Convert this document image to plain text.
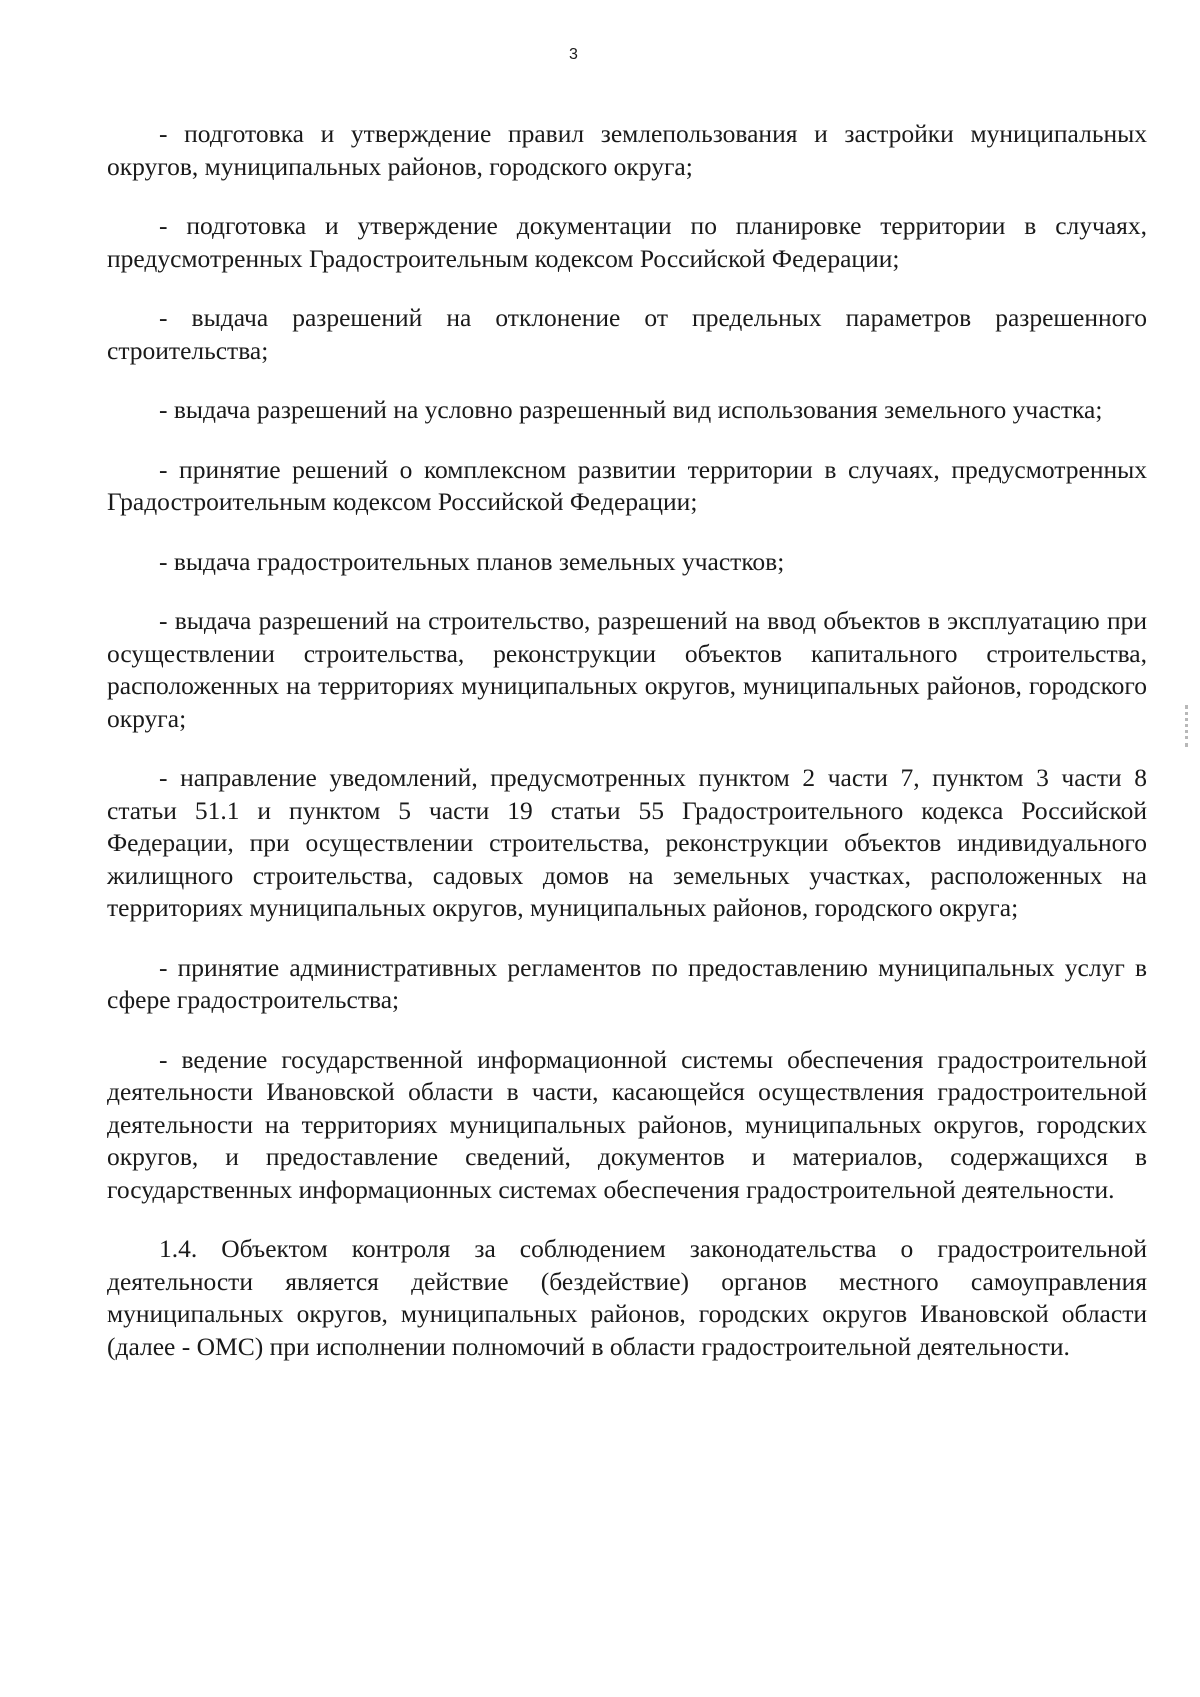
3

- подготовка и утверждение правил землепользования и застройки муниципальных округов, муниципальных районов, городского округа;

- подготовка и утверждение документации по планировке территории в случаях, предусмотренных Градостроительным кодексом Российской Федерации;

- выдача разрешений на отклонение от предельных параметров разрешенного строительства;

- выдача разрешений на условно разрешенный вид использования земельного участка;

- принятие решений о комплексном развитии территории в случаях, предусмотренных Градостроительным кодексом Российской Федерации;

- выдача градостроительных планов земельных участков;

- выдача разрешений на строительство, разрешений на ввод объектов в эксплуатацию при осуществлении строительства, реконструкции объектов капитального строительства, расположенных на территориях муниципальных округов, муниципальных районов, городского округа;

- направление уведомлений, предусмотренных пунктом 2 части 7, пунктом 3 части 8 статьи 51.1 и пунктом 5 части 19 статьи 55 Градостроительного кодекса Российской Федерации, при осуществлении строительства, реконструкции объектов индивидуального жилищного строительства, садовых домов на земельных участках, расположенных на территориях муниципальных округов, муниципальных районов, городского округа;

- принятие административных регламентов по предоставлению муниципальных услуг в сфере градостроительства;

- ведение государственной информационной системы обеспечения градостроительной деятельности Ивановской области в части, касающейся осуществления градостроительной деятельности на территориях муниципальных районов, муниципальных округов, городских округов, и предоставление сведений, документов и материалов, содержащихся в государственных информационных системах обеспечения градостроительной деятельности.

1.4. Объектом контроля за соблюдением законодательства о градостроительной деятельности является действие (бездействие) органов местного самоуправления муниципальных округов, муниципальных районов, городских округов Ивановской области (далее - ОМС) при исполнении полномочий в области градостроительной деятельности.
